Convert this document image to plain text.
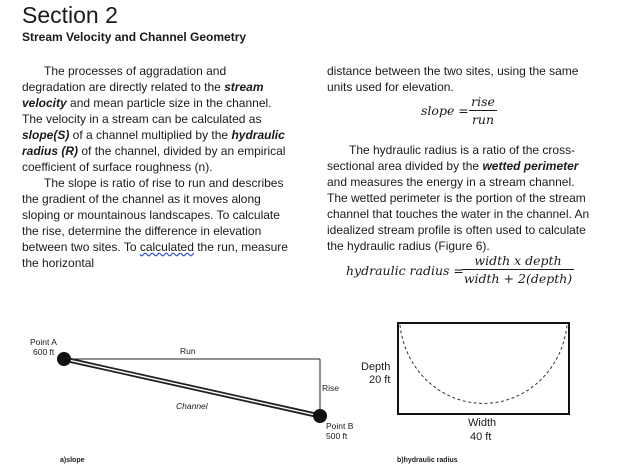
Section 2
Stream Velocity and Channel Geometry

The processes of aggradation and degradation are directly related to the stream velocity and mean particle size in the channel. The velocity in a stream can be calculated as slope(S) of a channel multiplied by the hydraulic radius (R) of the channel, divided by an empirical coefficient of surface roughness (n).

The slope is ratio of rise to run and describes the gradient of the channel as it moves along sloping or mountainous landscapes. To calculate the rise, determine the difference in elevation between two sites. To calculated the run, measure the horizontal

distance between the two sites, using the same units used for elevation.

slope =
rise
run

The hydraulic radius is a ratio of the cross-sectional area divided by the wetted perimeter and measures the energy in a stream channel. The wetted perimeter is the portion of the stream channel that touches the water in the channel. An idealized stream profile is often used to calculate the hydraulic radius (Figure 6).

hydraulic radius =
width x depth
width + 2(depth)
Point A
600 ft	Run
Rise
Channel
Point B
500 ft
a)slope
Depth
20 ft
Width
40 ft
b)hydraulic radius
